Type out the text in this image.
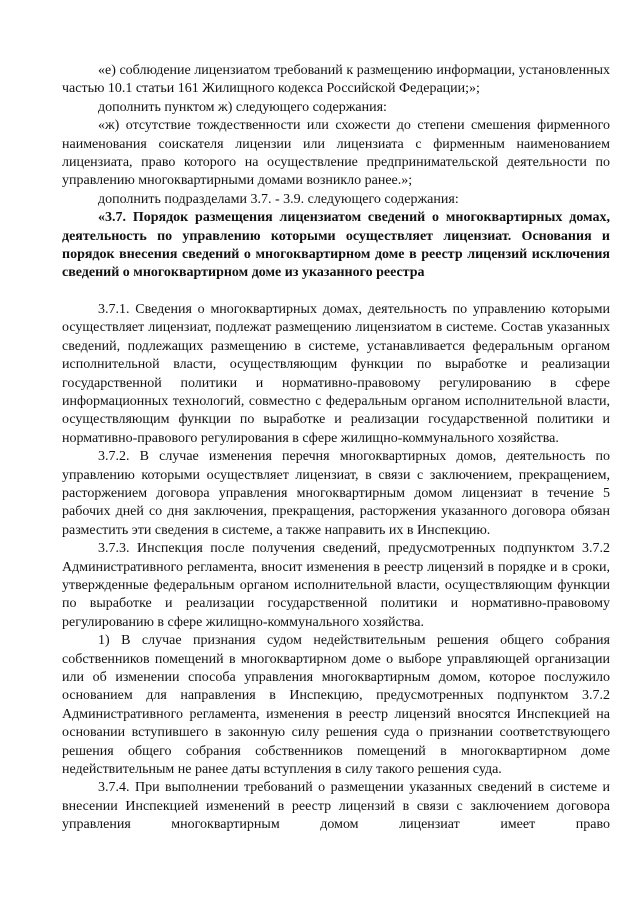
«е) соблюдение лицензиатом требований к размещению информации, установленных частью 10.1 статьи 161 Жилищного кодекса Российской Федерации;»;

дополнить пунктом ж) следующего содержания:

«ж) отсутствие тождественности или схожести до степени смешения фирменного наименования соискателя лицензии или лицензиата с фирменным наименованием лицензиата, право которого на осуществление предпринимательской деятельности по управлению многоквартирными домами возникло ранее.»;

дополнить подразделами 3.7. - 3.9. следующего содержания:

«3.7. Порядок размещения лицензиатом сведений о многоквартирных домах, деятельность по управлению которыми осуществляет лицензиат. Основания и порядок внесения сведений о многоквартирном доме в реестр лицензий исключения сведений о многоквартирном доме из указанного реестра

3.7.1. Сведения о многоквартирных домах, деятельность по управлению которыми осуществляет лицензиат, подлежат размещению лицензиатом в системе. Состав указанных сведений, подлежащих размещению в системе, устанавливается федеральным органом исполнительной власти, осуществляющим функции по выработке и реализации государственной политики и нормативно-правовому регулированию в сфере информационных технологий, совместно с федеральным органом исполнительной власти, осуществляющим функции по выработке и реализации государственной политики и нормативно-правового регулирования в сфере жилищно-коммунального хозяйства.

3.7.2. В случае изменения перечня многоквартирных домов, деятельность по управлению которыми осуществляет лицензиат, в связи с заключением, прекращением, расторжением договора управления многоквартирным домом лицензиат в течение 5 рабочих дней со дня заключения, прекращения, расторжения указанного договора обязан разместить эти сведения в системе, а также направить их в Инспекцию.

3.7.3. Инспекция после получения сведений, предусмотренных подпунктом 3.7.2 Административного регламента, вносит изменения в реестр лицензий в порядке и в сроки, утвержденные федеральным органом исполнительной власти, осуществляющим функции по выработке и реализации государственной политики и нормативно-правовому регулированию в сфере жилищно-коммунального хозяйства.

1) В случае признания судом недействительным решения общего собрания собственников помещений в многоквартирном доме о выборе управляющей организации или об изменении способа управления многоквартирным домом, которое послужило основанием для направления в Инспекцию, предусмотренных подпунктом 3.7.2 Административного регламента, изменения в реестр лицензий вносятся Инспекцией на основании вступившего в законную силу решения суда о признании соответствующего решения общего собрания собственников помещений в многоквартирном доме недействительным не ранее даты вступления в силу такого решения суда.

3.7.4. При выполнении требований о размещении указанных сведений в системе и внесении Инспекцией изменений в реестр лицензий в связи с заключением договора управления многоквартирным домом лицензиат имеет право
